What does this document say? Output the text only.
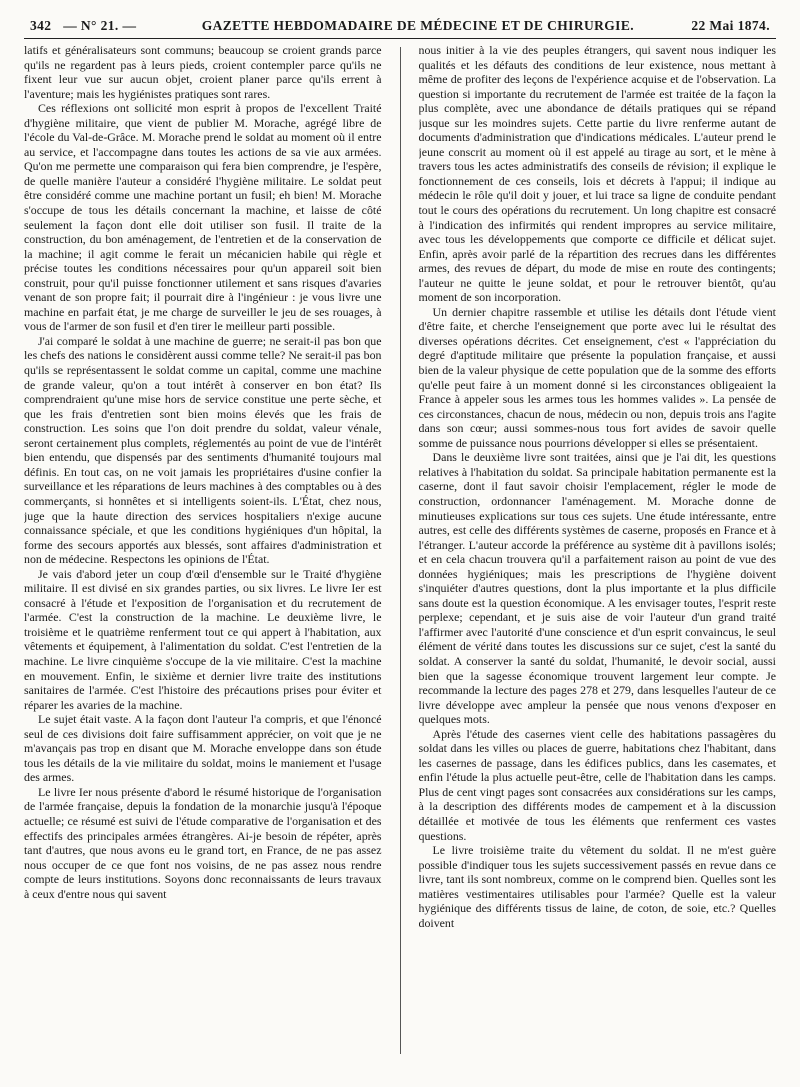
342 — N° 21. —	GAZETTE HEBDOMADAIRE DE MÉDECINE ET DE CHIRURGIE.	22 Mai 1874.

latifs et généralisateurs sont communs; beaucoup se croient grands parce qu'ils ne regardent pas à leurs pieds, croient contempler parce qu'ils ne fixent leur vue sur aucun objet, croient planer parce qu'ils errent à l'aventure; mais les hygiénistes pratiques sont rares.

Ces réflexions ont sollicité mon esprit à propos de l'excellent Traité d'hygiène militaire, que vient de publier M. Morache, agrégé libre de l'école du Val-de-Grâce. M. Morache prend le soldat au moment où il entre au service, et l'accompagne dans toutes les actions de sa vie aux armées. Qu'on me permette une comparaison qui fera bien comprendre, je l'espère, de quelle manière l'auteur a considéré l'hygiène militaire. Le soldat peut être considéré comme une machine portant un fusil; eh bien! M. Morache s'occupe de tous les détails concernant la machine, et laisse de côté seulement la façon dont elle doit utiliser son fusil. Il traite de la construction, du bon aménagement, de l'entretien et de la conservation de la machine; il agit comme le ferait un mécanicien habile qui règle et précise toutes les conditions nécessaires pour qu'un appareil soit bien construit, pour qu'il puisse fonctionner utilement et sans risques d'avaries venant de son propre fait; il pourrait dire à l'ingénieur : je vous livre une machine en parfait état, je me charge de surveiller le jeu de ses rouages, à vous de l'armer de son fusil et d'en tirer le meilleur parti possible.

J'ai comparé le soldat à une machine de guerre; ne serait-il pas bon que les chefs des nations le considèrent aussi comme telle? Ne serait-il pas bon qu'ils se représentassent le soldat comme un capital, comme une machine de grande valeur, qu'on a tout intérêt à conserver en bon état? Ils comprendraient qu'une mise hors de service constitue une perte sèche, et que les frais d'entretien sont bien moins élevés que les frais de construction. Les soins que l'on doit prendre du soldat, valeur vénale, seront certainement plus complets, réglementés au point de vue de l'intérêt bien entendu, que dispensés par des sentiments d'humanité toujours mal définis. En tout cas, on ne voit jamais les propriétaires d'usine confier la surveillance et les réparations de leurs machines à des comptables ou à des commerçants, si honnêtes et si intelligents soient-ils. L'État, chez nous, juge que la haute direction des services hospitaliers n'exige aucune connaissance spéciale, et que les conditions hygiéniques d'un hôpital, la forme des secours apportés aux blessés, sont affaires d'administration et non de médecine. Respectons les opinions de l'État.

Je vais d'abord jeter un coup d'œil d'ensemble sur le Traité d'hygiène militaire. Il est divisé en six grandes parties, ou six livres. Le livre Ier est consacré à l'étude et l'exposition de l'organisation et du recrutement de l'armée. C'est la construction de la machine. Le deuxième livre, le troisième et le quatrième renferment tout ce qui appert à l'habitation, aux vêtements et équipement, à l'alimentation du soldat. C'est l'entretien de la machine. Le livre cinquième s'occupe de la vie militaire. C'est la machine en mouvement. Enfin, le sixième et dernier livre traite des institutions sanitaires de l'armée. C'est l'histoire des précautions prises pour éviter et réparer les avaries de la machine.

Le sujet était vaste. A la façon dont l'auteur l'a compris, et que l'énoncé seul de ces divisions doit faire suffisamment apprécier, on voit que je ne m'avançais pas trop en disant que M. Morache enveloppe dans son étude tous les détails de la vie militaire du soldat, moins le maniement et l'usage des armes.

Le livre Ier nous présente d'abord le résumé historique de l'organisation de l'armée française, depuis la fondation de la monarchie jusqu'à l'époque actuelle; ce résumé est suivi de l'étude comparative de l'organisation et des effectifs des principales armées étrangères. Ai-je besoin de répéter, après tant d'autres, que nous avons eu le grand tort, en France, de ne pas assez nous occuper de ce que font nos voisins, de ne pas assez nous rendre compte de leurs institutions. Soyons donc reconnaissants de leurs travaux à ceux d'entre nous qui savent

nous initier à la vie des peuples étrangers, qui savent nous indiquer les qualités et les défauts des conditions de leur existence, nous mettant à même de profiter des leçons de l'expérience acquise et de l'observation. La question si importante du recrutement de l'armée est traitée de la façon la plus complète, avec une abondance de détails pratiques qui se répand jusque sur les moindres sujets. Cette partie du livre renferme autant de documents d'administration que d'indications médicales. L'auteur prend le jeune conscrit au moment où il est appelé au tirage au sort, et le mène à travers tous les actes administratifs des conseils de révision; il explique le fonctionnement de ces conseils, lois et décrets à l'appui; il indique au médecin le rôle qu'il doit y jouer, et lui trace sa ligne de conduite pendant tout le cours des opérations du recrutement. Un long chapitre est consacré à l'indication des infirmités qui rendent impropres au service militaire, avec tous les développements que comporte ce difficile et délicat sujet. Enfin, après avoir parlé de la répartition des recrues dans les différentes armes, des revues de départ, du mode de mise en route des contingents; l'auteur ne quitte le jeune soldat, et pour le retrouver bientôt, qu'au moment de son incorporation.

Un dernier chapitre rassemble et utilise les détails dont l'étude vient d'être faite, et cherche l'enseignement que porte avec lui le résultat des diverses opérations décrites. Cet enseignement, c'est « l'appréciation du degré d'aptitude militaire que présente la population française, et aussi bien de la valeur physique de cette population que de la somme des efforts qu'elle peut faire à un moment donné si les circonstances obligeaient la France à appeler sous les armes tous les hommes valides ». La pensée de ces circonstances, chacun de nous, médecin ou non, depuis trois ans l'agite dans son cœur; aussi sommes-nous tous fort avides de savoir quelle somme de puissance nous pourrions développer si elles se présentaient.

Dans le deuxième livre sont traitées, ainsi que je l'ai dit, les questions relatives à l'habitation du soldat. Sa principale habitation permanente est la caserne, dont il faut savoir choisir l'emplacement, régler le mode de construction, ordonnancer l'aménagement. M. Morache donne de minutieuses explications sur tous ces sujets. Une étude intéressante, entre autres, est celle des différents systèmes de caserne, proposés en France et à l'étranger. L'auteur accorde la préférence au système dit à pavillons isolés; et en cela chacun trouvera qu'il a parfaitement raison au point de vue des données hygiéniques; mais les prescriptions de l'hygiène doivent s'inquiéter d'autres questions, dont la plus importante et la plus difficile sans doute est la question économique. A les envisager toutes, l'esprit reste perplexe; cependant, et je suis aise de voir l'auteur d'un grand traité l'affirmer avec l'autorité d'une conscience et d'un esprit convaincus, le seul élément de vérité dans toutes les discussions sur ce sujet, c'est la santé du soldat. A conserver la santé du soldat, l'humanité, le devoir social, aussi bien que la sagesse économique trouvent largement leur compte. Je recommande la lecture des pages 278 et 279, dans lesquelles l'auteur de ce livre développe avec ampleur la pensée que nous venons d'exposer en quelques mots.

Après l'étude des casernes vient celle des habitations passagères du soldat dans les villes ou places de guerre, habitations chez l'habitant, dans les casernes de passage, dans les édifices publics, dans les casemates, et enfin l'étude la plus actuelle peut-être, celle de l'habitation dans les camps. Plus de cent vingt pages sont consacrées aux considérations sur les camps, à la description des différents modes de campement et à la discussion détaillée et motivée de tous les éléments que renferment ces vastes questions.

Le livre troisième traite du vêtement du soldat. Il ne m'est guère possible d'indiquer tous les sujets successivement passés en revue dans ce livre, tant ils sont nombreux, comme on le comprend bien. Quelles sont les matières vestimentaires utilisables pour l'armée? Quelle est la valeur hygiénique des différents tissus de laine, de coton, de soie, etc.? Quelles doivent
